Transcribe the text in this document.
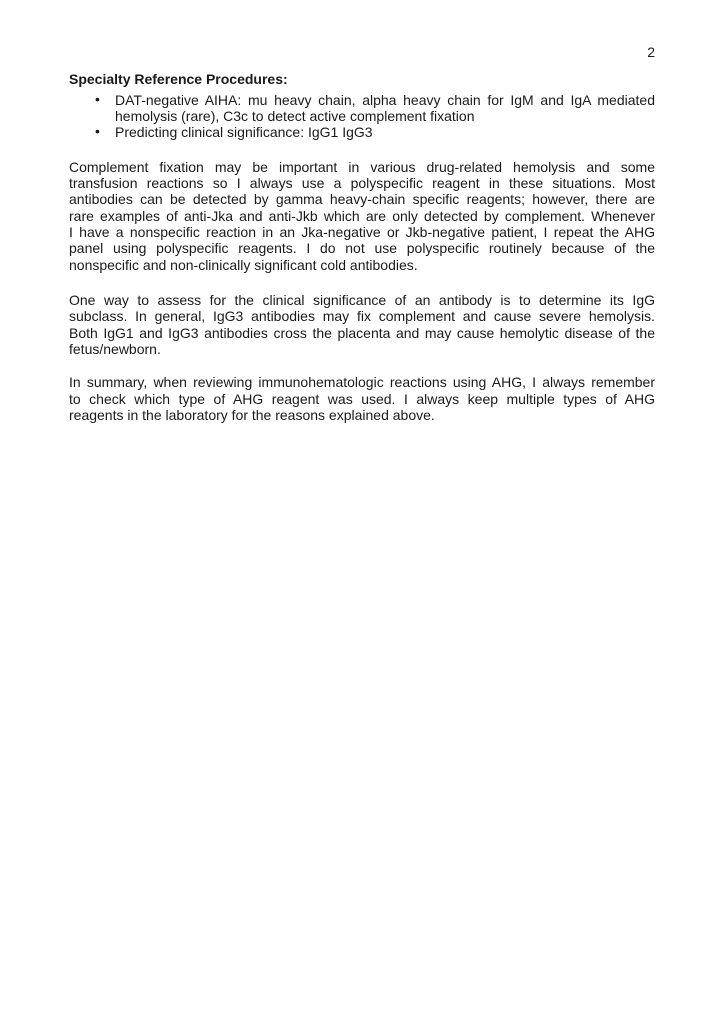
2
Specialty Reference Procedures:
• DAT-negative AIHA: mu heavy chain, alpha heavy chain for IgM and IgA mediated
hemolysis (rare), C3c to detect active complement fixation
• Predicting clinical significance: IgG1 IgG3
Complement fixation may be important in various drug-related hemolysis and some
transfusion reactions so I always use a polyspecific reagent in these situations. Most
antibodies can be detected by gamma heavy-chain specific reagents; however, there are
rare examples of anti-Jka and anti-Jkb which are only detected by complement. Whenever
I have a nonspecific reaction in an Jka-negative or Jkb-negative patient, I repeat the AHG
panel using polyspecific reagents. I do not use polyspecific routinely because of the
nonspecific and non-clinically significant cold antibodies.
One way to assess for the clinical significance of an antibody is to determine its IgG
subclass. In general, IgG3 antibodies may fix complement and cause severe hemolysis.
Both IgG1 and IgG3 antibodies cross the placenta and may cause hemolytic disease of the
fetus/newborn.
In summary, when reviewing immunohematologic reactions using AHG, I always remember
to check which type of AHG reagent was used. I always keep multiple types of AHG
reagents in the laboratory for the reasons explained above.
